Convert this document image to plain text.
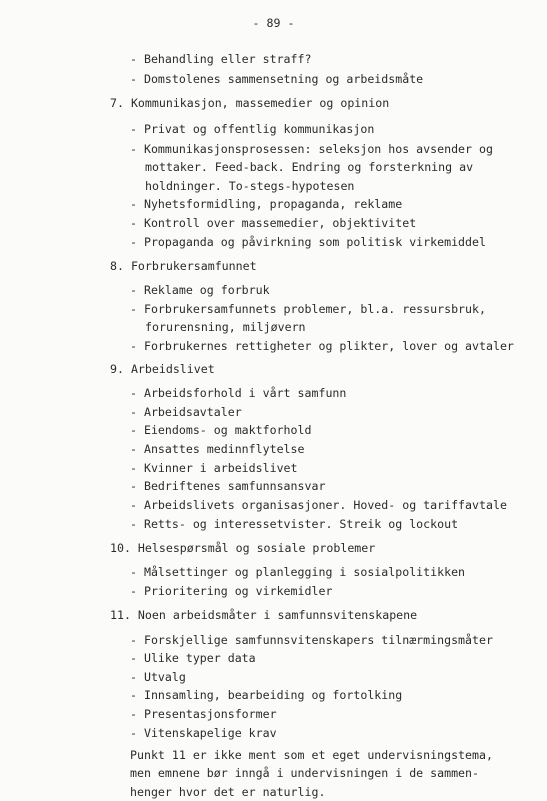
- 89 -
- Behandling eller straff?
- Domstolenes sammensetning og arbeidsmåte
7. Kommunikasjon, massemedier og opinion
- Privat og offentlig kommunikasjon
- Kommunikasjonsprosessen: seleksjon hos avsender og
mottaker. Feed-back. Endring og forsterkning av
holdninger. To-stegs-hypotesen
- Nyhetsformidling, propaganda, reklame
- Kontroll over massemedier, objektivitet
- Propaganda og påvirkning som politisk virkemiddel
8. Forbrukersamfunnet
- Reklame og forbruk
- Forbrukersamfunnets problemer, bl.a. ressursbruk,
forurensning, miljøvern
- Forbrukernes rettigheter og plikter, lover og avtaler
9. Arbeidslivet
- Arbeidsforhold i vårt samfunn
- Arbeidsavtaler
- Eiendoms- og maktforhold
- Ansattes medinnflytelse
- Kvinner i arbeidslivet
- Bedriftenes samfunnsansvar
- Arbeidslivets organisasjoner. Hoved- og tariffavtale
- Retts- og interessetvister. Streik og lockout
10. Helsespørsmål og sosiale problemer
- Målsettinger og planlegging i sosialpolitikken
- Prioritering og virkemidler
11. Noen arbeidsmåter i samfunnsvitenskapene
- Forskjellige samfunnsvitenskapers tilnærmingsmåter
- Ulike typer data
- Utvalg
- Innsamling, bearbeiding og fortolking
- Presentasjonsformer
- Vitenskapelige krav
Punkt 11 er ikke ment som et eget undervisningstema,
men emnene bør inngå i undervisningen i de sammen-
henger hvor det er naturlig.
